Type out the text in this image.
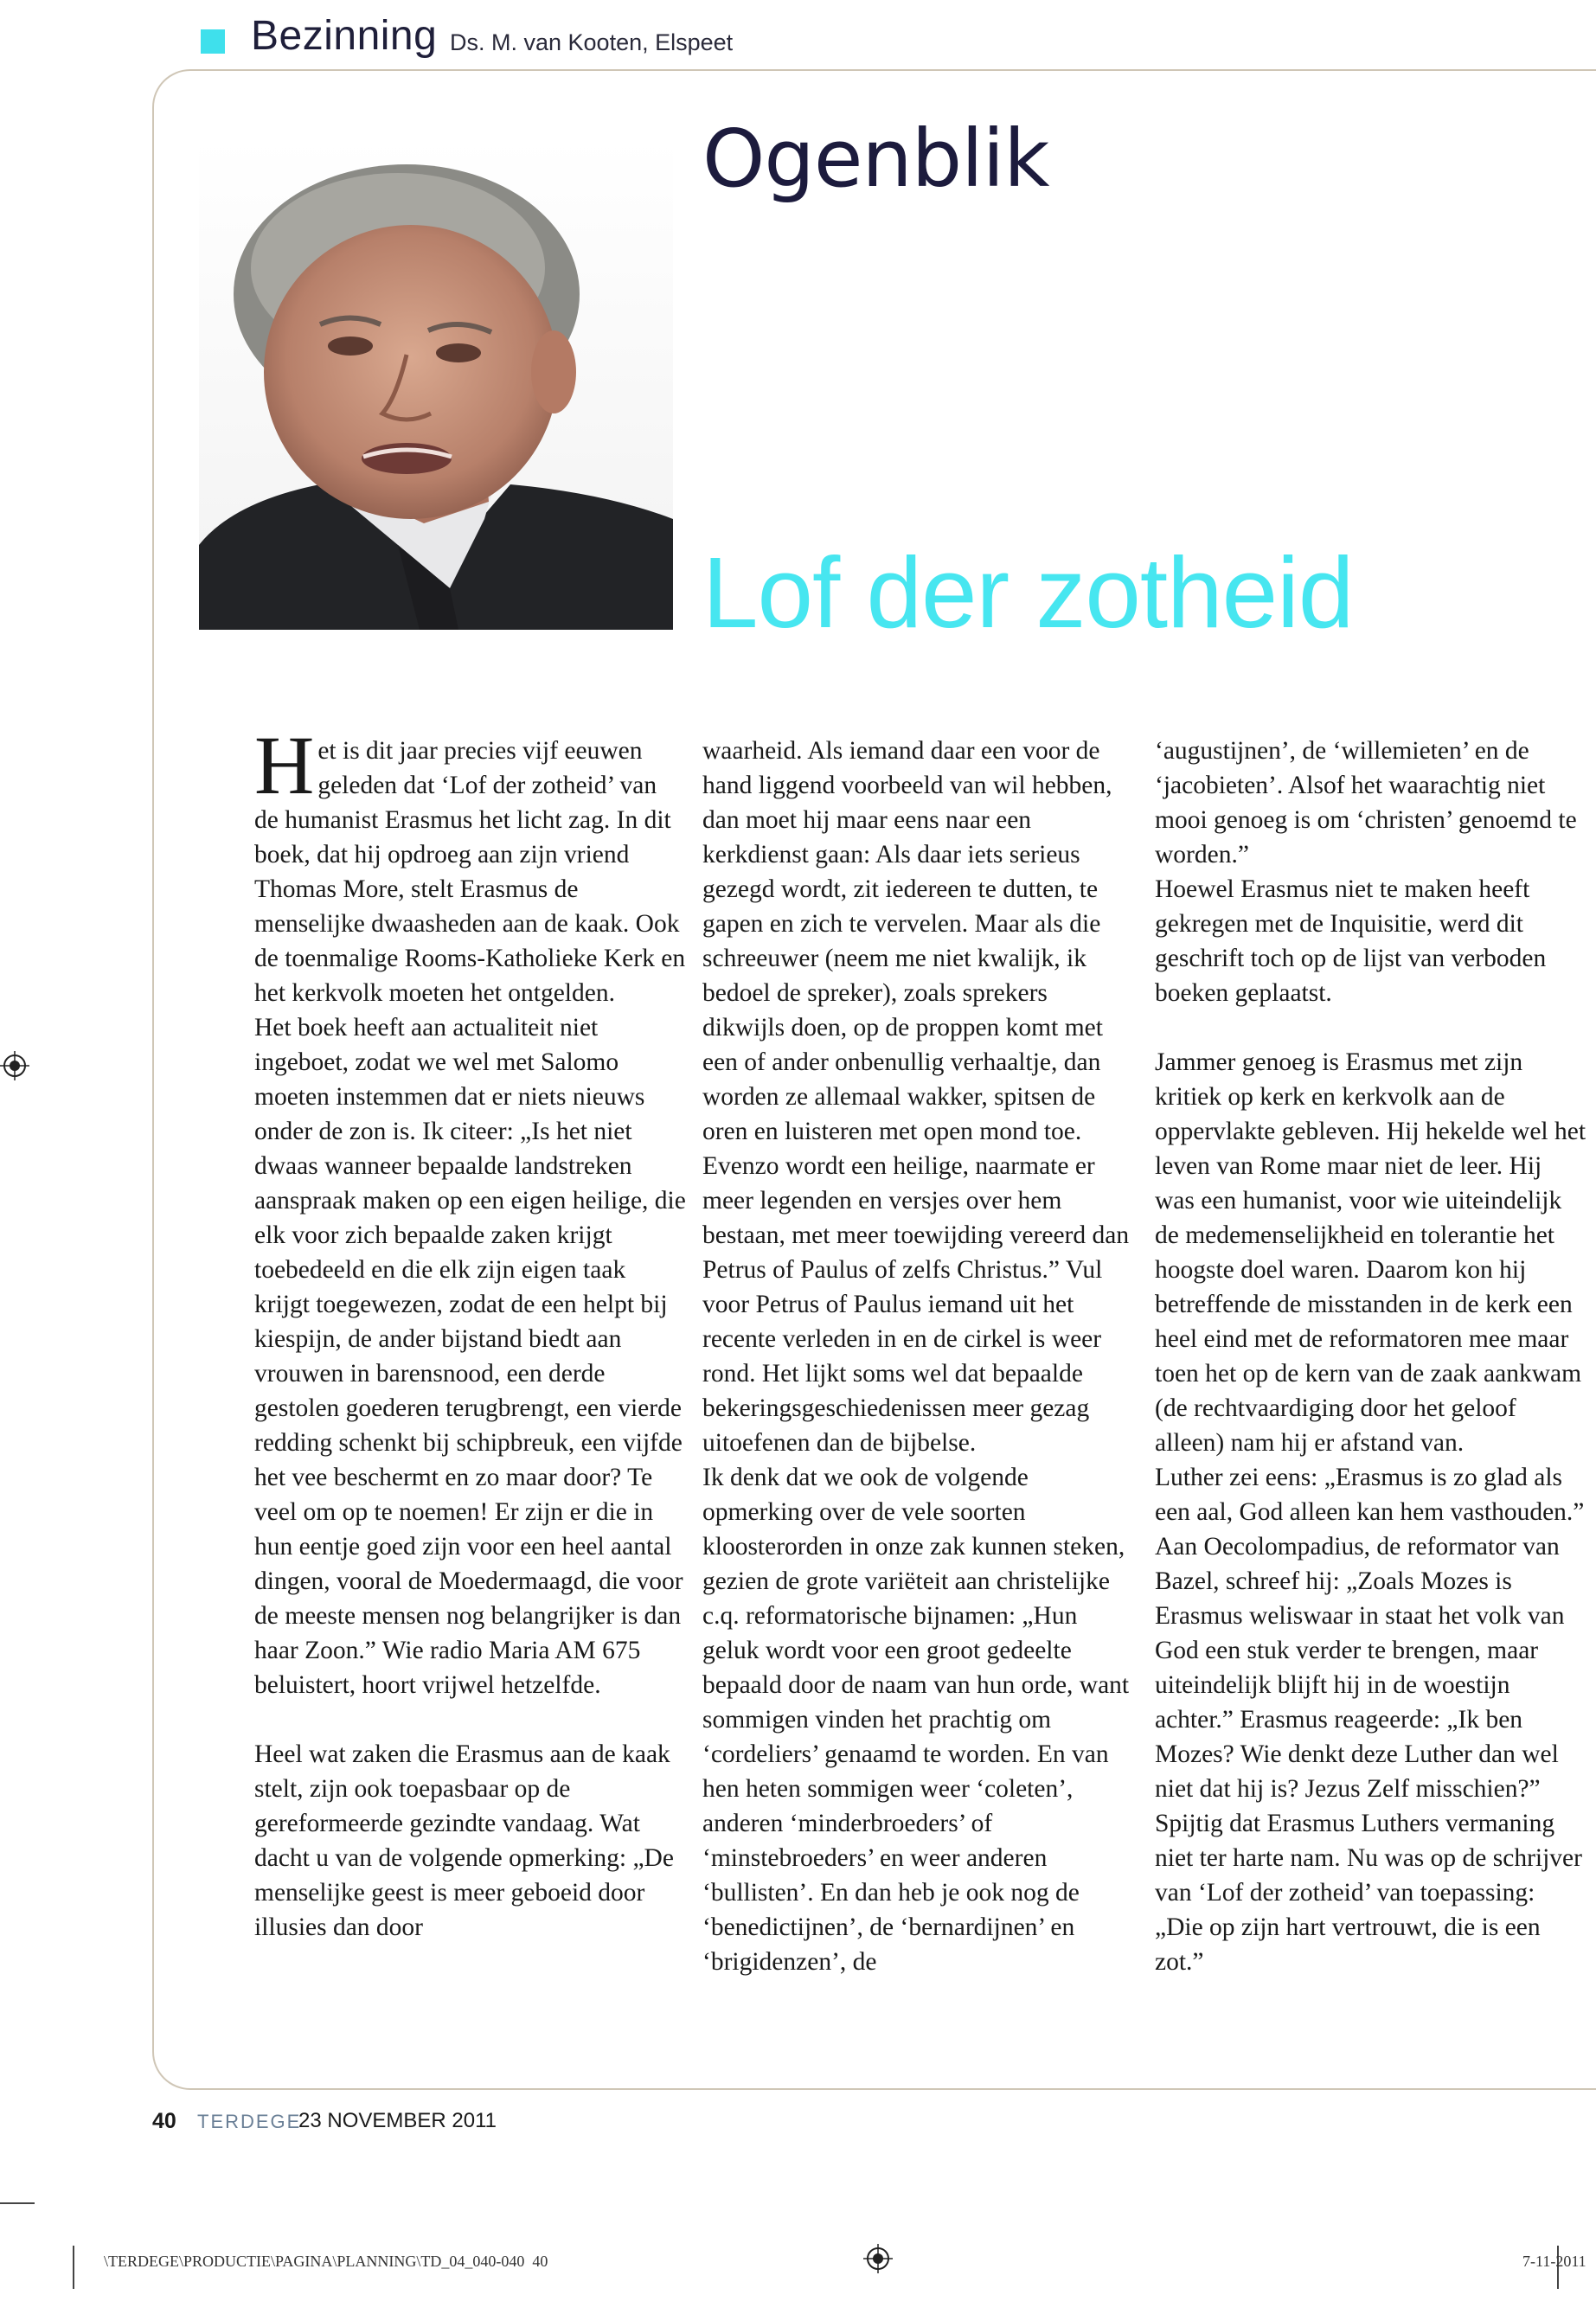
Bezinning Ds. M. van Kooten, Elspeet
Ogenblik
Lof der zotheid

Het is dit jaar precies vijf eeuwen geleden dat ‘Lof der zotheid’ van de humanist Erasmus het licht zag. In dit boek, dat hij opdroeg aan zijn vriend Thomas More, stelt Erasmus de menselijke dwaasheden aan de kaak. Ook de toenmalige Rooms-Katholieke Kerk en het kerkvolk moeten het ontgelden.

Het boek heeft aan actualiteit niet ingeboet, zodat we wel met Salomo moeten instemmen dat er niets nieuws onder de zon is. Ik citeer: „Is het niet dwaas wanneer bepaalde landstreken aanspraak maken op een eigen heilige, die elk voor zich bepaalde zaken krijgt toebedeeld en die elk zijn eigen taak krijgt toegewezen, zodat de een helpt bij kiespijn, de ander bijstand biedt aan vrouwen in barensnood, een derde gestolen goederen terugbrengt, een vierde redding schenkt bij schipbreuk, een vijfde het vee beschermt en zo maar door? Te veel om op te noemen! Er zijn er die in hun eentje goed zijn voor een heel aantal dingen, vooral de Moedermaagd, die voor de meeste mensen nog belangrijker is dan haar Zoon.” Wie radio Maria AM 675 beluistert, hoort vrijwel hetzelfde.

Heel wat zaken die Erasmus aan de kaak stelt, zijn ook toepasbaar op de gereformeerde gezindte vandaag. Wat dacht u van de volgende opmerking: „De menselijke geest is meer geboeid door illusies dan door

waarheid. Als iemand daar een voor de hand liggend voorbeeld van wil hebben, dan moet hij maar eens naar een kerkdienst gaan: Als daar iets serieus gezegd wordt, zit iedereen te dutten, te gapen en zich te vervelen. Maar als die schreeuwer (neem me niet kwalijk, ik bedoel de spreker), zoals sprekers dikwijls doen, op de proppen komt met een of ander onbenullig verhaaltje, dan worden ze allemaal wakker, spitsen de oren en luisteren met open mond toe. Evenzo wordt een heilige, naarmate er meer legenden en versjes over hem bestaan, met meer toewijding vereerd dan Petrus of Paulus of zelfs Christus.” Vul voor Petrus of Paulus iemand uit het recente verleden in en de cirkel is weer rond. Het lijkt soms wel dat bepaalde bekeringsgeschiedenissen meer gezag uitoefenen dan de bijbelse.

Ik denk dat we ook de volgende opmerking over de vele soorten kloosterorden in onze zak kunnen steken, gezien de grote variëteit aan christelijke c.q. reformatorische bijnamen: „Hun geluk wordt voor een groot gedeelte bepaald door de naam van hun orde, want sommigen vinden het prachtig om ‘cordeliers’ genaamd te worden. En van hen heten sommigen weer ‘coleten’, anderen ‘minderbroeders’ of ‘minstebroeders’ en weer anderen ‘bullisten’. En dan heb je ook nog de ‘benedictijnen’, de ‘bernardijnen’ en ‘brigidenzen’, de

‘augustijnen’, de ‘willemieten’ en de ‘jacobieten’. Alsof het waarachtig niet mooi genoeg is om ‘christen’ genoemd te worden.”

Hoewel Erasmus niet te maken heeft gekregen met de Inquisitie, werd dit geschrift toch op de lijst van verboden boeken geplaatst.

Jammer genoeg is Erasmus met zijn kritiek op kerk en kerkvolk aan de oppervlakte gebleven. Hij hekelde wel het leven van Rome maar niet de leer. Hij was een humanist, voor wie uiteindelijk de medemenselijkheid en tolerantie het hoogste doel waren. Daarom kon hij betreffende de misstanden in de kerk een heel eind met de reformatoren mee maar toen het op de kern van de zaak aankwam (de rechtvaardiging door het geloof alleen) nam hij er afstand van.

Luther zei eens: „Erasmus is zo glad als een aal, God alleen kan hem vasthouden.” Aan Oecolompadius, de reformator van Bazel, schreef hij: „Zoals Mozes is Erasmus weliswaar in staat het volk van God een stuk verder te brengen, maar uiteindelijk blijft hij in de woestijn achter.” Erasmus reageerde: „Ik ben Mozes? Wie denkt deze Luther dan wel niet dat hij is? Jezus Zelf misschien?”

Spijtig dat Erasmus Luthers vermaning niet ter harte nam. Nu was op de schrijver van ‘Lof der zotheid’ van toepassing: „Die op zijn hart vertrouwt, die is een zot.”

40 TERDEGE
23 NOVEMBER 2011
\TERDEGE\PRODUCTIE\PAGINA\PLANNING\TD_04_040-040 40	7-11-2011
